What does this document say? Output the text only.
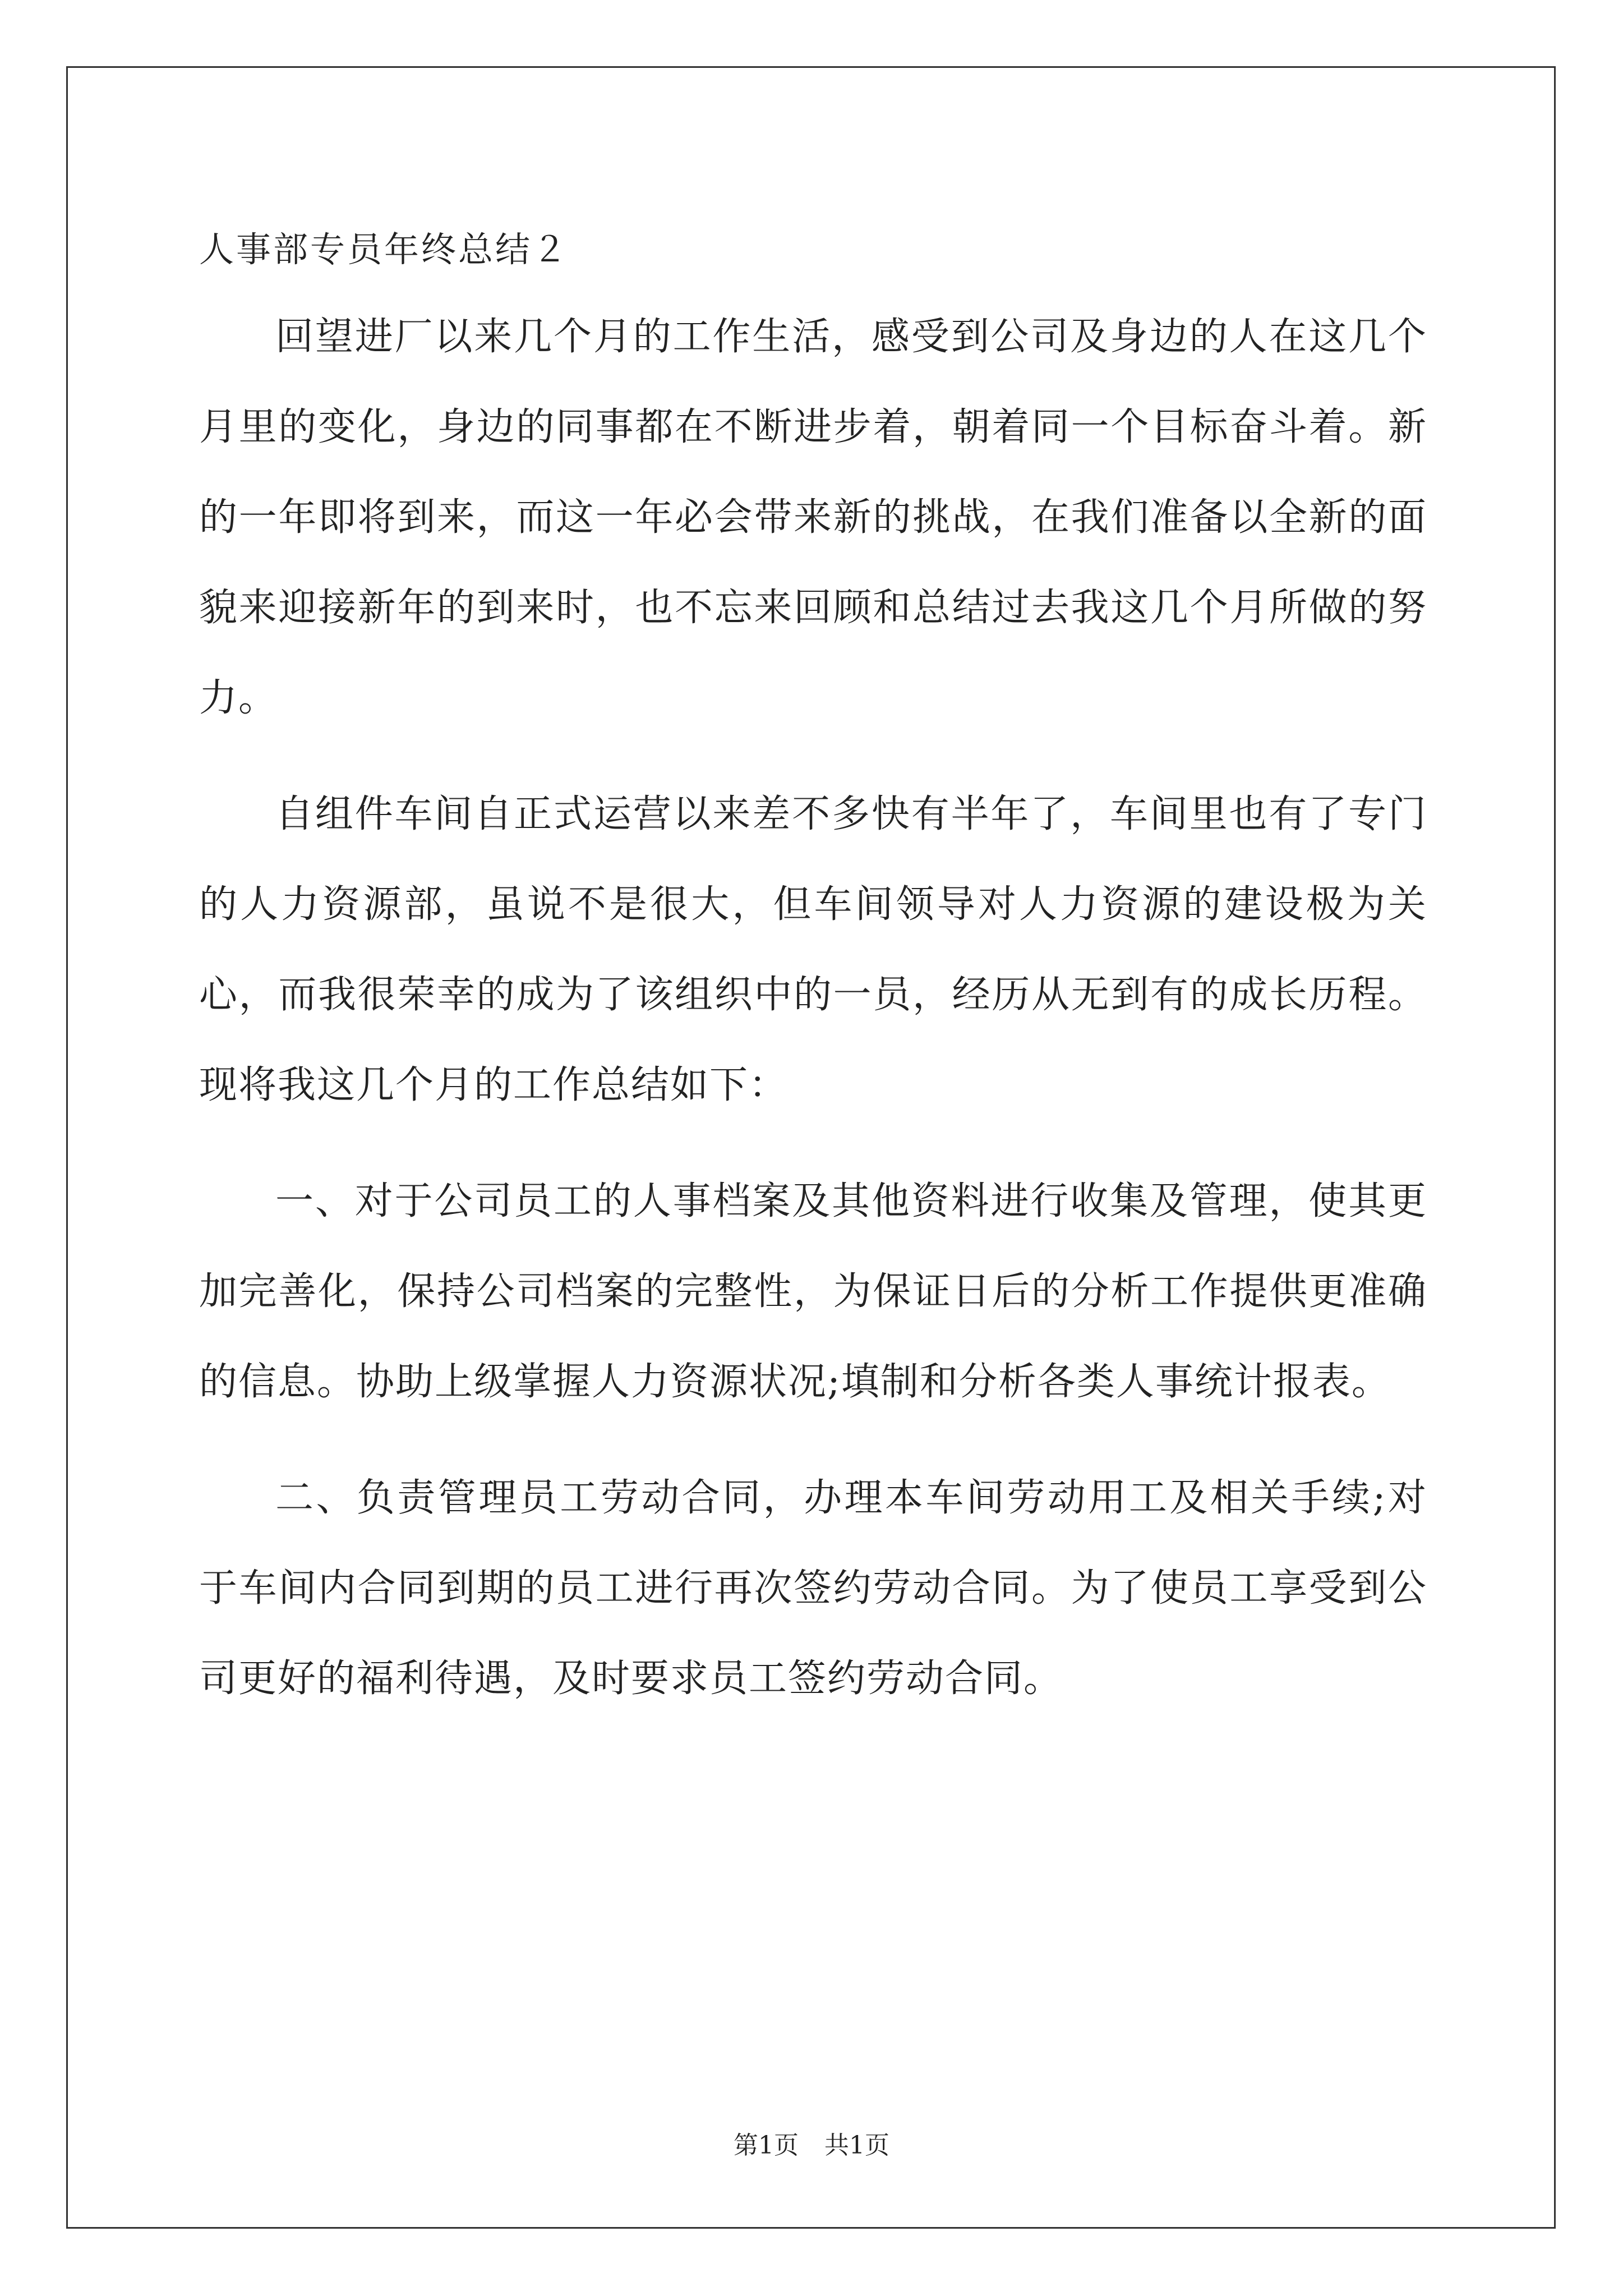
人事部专员年终总结２

回望进厂以来几个月的工作生活，感受到公司及身边的人在这几个月里的变化，身边的同事都在不断进步着，朝着同一个目标奋斗着。新的一年即将到来，而这一年必会带来新的挑战，在我们准备以全新的面貌来迎接新年的到来时，也不忘来回顾和总结过去我这几个月所做的努力。

自组件车间自正式运营以来差不多快有半年了，车间里也有了专门的人力资源部，虽说不是很大，但车间领导对人力资源的建设极为关心，而我很荣幸的成为了该组织中的一员，经历从无到有的成长历程。现将我这几个月的工作总结如下：

一、对于公司员工的人事档案及其他资料进行收集及管理，使其更加完善化，保持公司档案的完整性，为保证日后的分析工作提供更准确的信息。协助上级掌握人力资源状况;填制和分析各类人事统计报表。

二、负责管理员工劳动合同，办理本车间劳动用工及相关手续;对于车间内合同到期的员工进行再次签约劳动合同。为了使员工享受到公司更好的福利待遇，及时要求员工签约劳动合同。

第1页 共1页
